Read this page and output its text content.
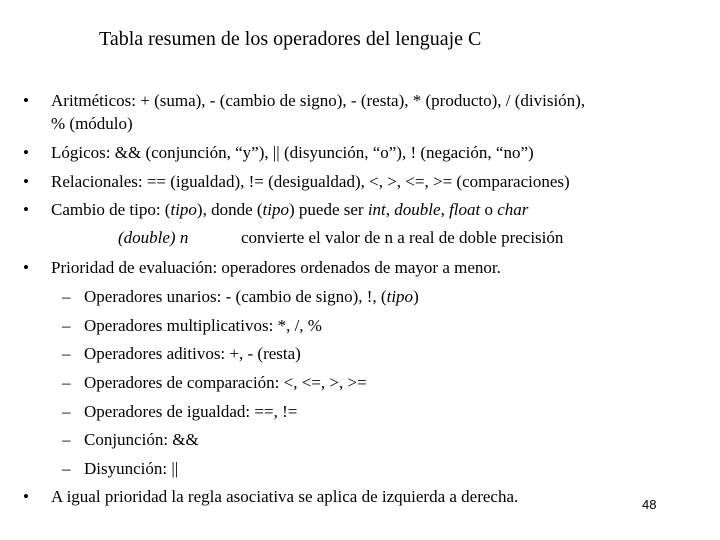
Tabla resumen de los operadores del lenguaje C
• Aritméticos: + (suma), - (cambio de signo), - (resta), * (producto), / (división),
% (módulo)
• Lógicos: && (conjunción, “y”), || (disyunción, “o”), ! (negación, “no”)
• Relacionales: == (igualdad), != (desigualdad), <, >, <=, >= (comparaciones)
• Cambio de tipo: (tipo), donde (tipo) puede ser int, double, float o char
(double) n	convierte el valor de n a real de doble precisión
• Prioridad de evaluación: operadores ordenados de mayor a menor.
– Operadores unarios: - (cambio de signo), !, (tipo)
– Operadores multiplicativos: *, /, %
– Operadores aditivos: +, - (resta)
– Operadores de comparación: <, <=, >, >=
– Operadores de igualdad: ==, !=
– Conjunción: &&
– Disyunción: ||
• A igual prioridad la regla asociativa se aplica de izquierda a derecha.	48
